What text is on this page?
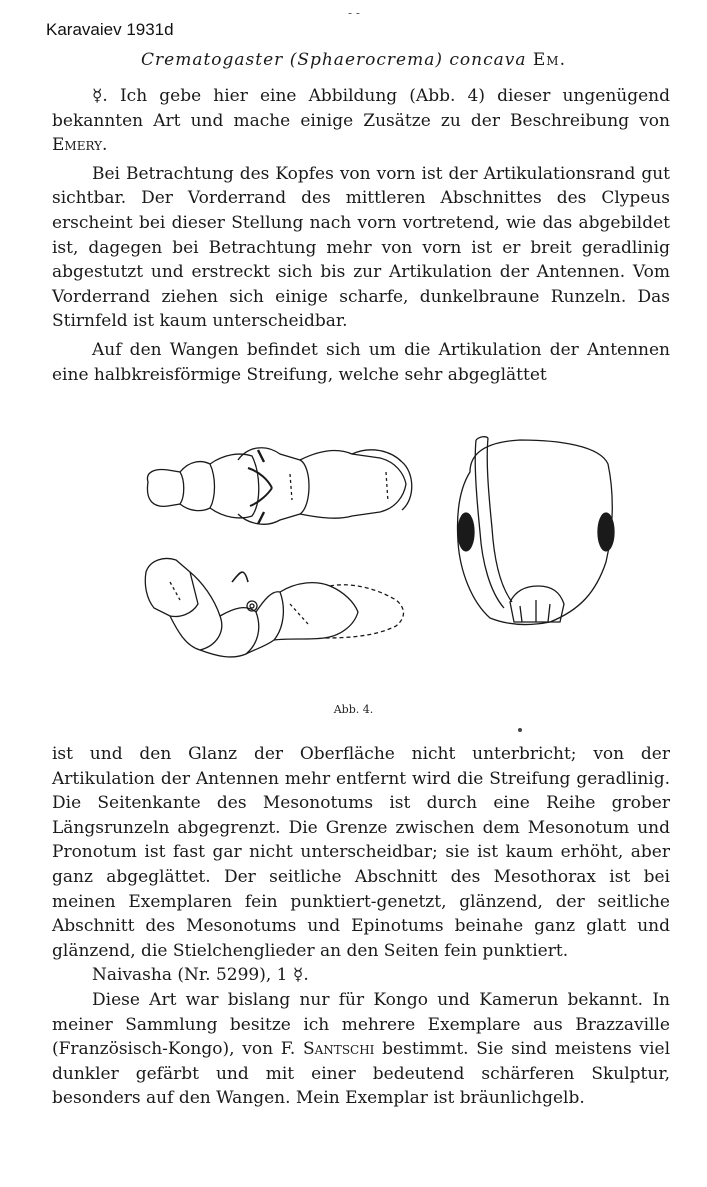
Karavaiev 1931d
- -
Crematogaster (Sphaerocrema) concava Em.

☿. Ich gebe hier eine Abbildung (Abb. 4) dieser ungenügend bekannten Art und mache einige Zusätze zu der Beschreibung von Emery.

Bei Betrachtung des Kopfes von vorn ist der Artikulationsrand gut sichtbar. Der Vorderrand des mittleren Abschnittes des Clypeus erscheint bei dieser Stellung nach vorn vortretend, wie das abgebildet ist, dagegen bei Betrachtung mehr von vorn ist er breit geradlinig abgestutzt und erstreckt sich bis zur Artikulation der Antennen. Vom Vorderrand ziehen sich einige scharfe, dunkelbraune Runzeln. Das Stirnfeld ist kaum unterscheidbar.

Auf den Wangen befindet sich um die Artikulation der Antennen eine halbkreisförmige Streifung, welche sehr abgeglättet

Abb. 4.

ist und den Glanz der Oberfläche nicht unterbricht; von der Artikulation der Antennen mehr entfernt wird die Streifung geradlinig. Die Seitenkante des Mesonotums ist durch eine Reihe grober Längsrunzeln abgegrenzt. Die Grenze zwischen dem Mesonotum und Pronotum ist fast gar nicht unterscheidbar; sie ist kaum erhöht, aber ganz abgeglättet. Der seitliche Abschnitt des Mesothorax ist bei meinen Exemplaren fein punktiert-genetzt, glänzend, der seitliche Abschnitt des Mesonotums und Epinotums beinahe ganz glatt und glänzend, die Stielchenglieder an den Seiten fein punktiert.

Naivasha (Nr. 5299), 1 ☿.

Diese Art war bislang nur für Kongo und Kamerun bekannt. In meiner Sammlung besitze ich mehrere Exemplare aus Brazzaville (Französisch-Kongo), von F. Santschi bestimmt. Sie sind meistens viel dunkler gefärbt und mit einer bedeutend schärferen Skulptur, besonders auf den Wangen. Mein Exemplar ist bräunlichgelb.
